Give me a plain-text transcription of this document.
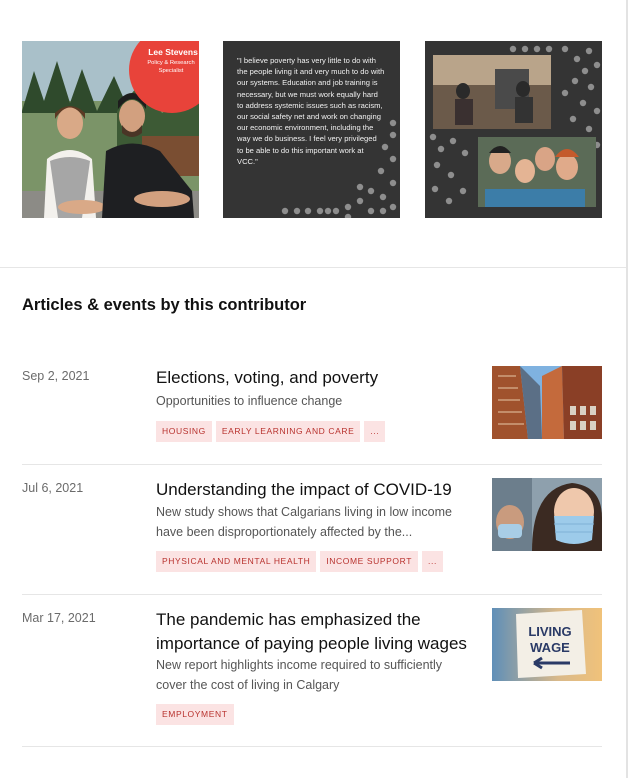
Lee Stevens
Policy & Research Specialist
"I believe poverty has very little to do with the people living it and very much to do with our systems. Education and job training is necessary, but we must work equally hard to address systemic issues such as racism, our social safety net and work on changing our economic environment, including the way we do business. I feel very privileged to be able to do this important work at VCC."
Articles & events by this contributor
Sep 2, 2021	Elections, voting, and poverty
Opportunities to influence change
HOUSING	EARLY LEARNING AND CARE	...
Jul 6, 2021	Understanding the impact of COVID-19
New study shows that Calgarians living in low income have been disproportionately affected by the...
PHYSICAL AND MENTAL HEALTH	INCOME SUPPORT	...
Mar 17, 2021	The pandemic has emphasized the importance of paying people living wages
New report highlights income required to sufficiently cover the cost of living in Calgary
EMPLOYMENT
LIVING
WAGE
